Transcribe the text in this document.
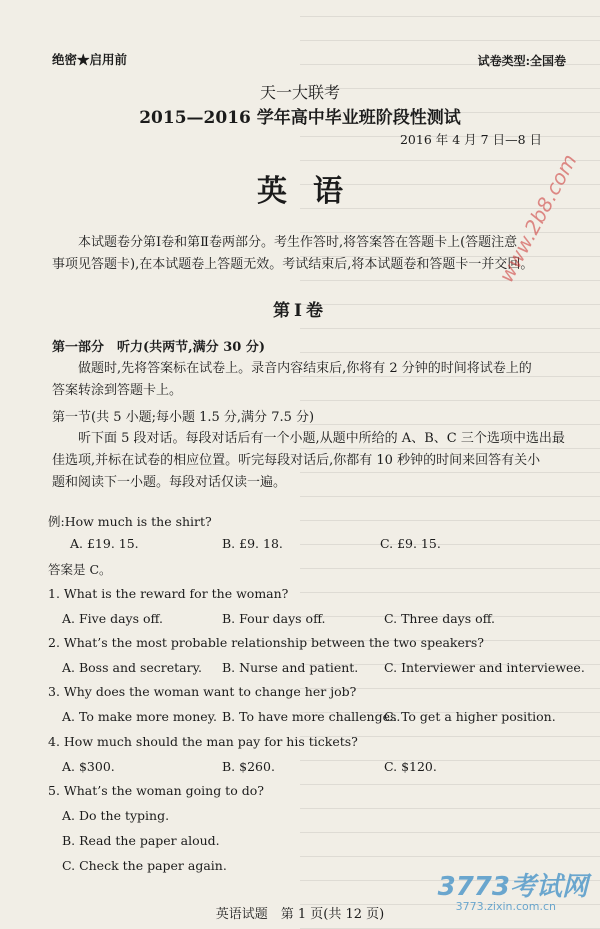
绝密★启用前	试卷类型:全国卷
天一大联考
2015—2016 学年高中毕业班阶段性测试
2016 年 4 月 7 日—8 日
英语
本试题卷分第Ⅰ卷和第Ⅱ卷两部分。考生作答时,将答案答在答题卡上(答题注意
事项见答题卡),在本试题卷上答题无效。考试结束后,将本试题卷和答题卡一并交回。
第Ⅰ卷
第一部分　听力(共两节,满分 30 分)
做题时,先将答案标在试卷上。录音内容结束后,你将有 2 分钟的时间将试卷上的
答案转涂到答题卡上。
第一节(共 5 小题;每小题 1.5 分,满分 7.5 分)
听下面 5 段对话。每段对话后有一个小题,从题中所给的 A、B、C 三个选项中选出最
佳选项,并标在试卷的相应位置。听完每段对话后,你都有 10 秒钟的时间来回答有关小
题和阅读下一小题。每段对话仅读一遍。
例:How much is the shirt?
A. £19. 15.	B. £9. 18.	C. £9. 15.
答案是 C。
1. What is the reward for the woman?
A. Five days off.	B. Four days off.	C. Three days off.
2. What’s the most probable relationship between the two speakers?
A. Boss and secretary. B. Nurse and patient. C. Interviewer and interviewee.
3. Why does the woman want to change her job?
A. To make more money. B. To have more challenges.
C. To get a higher position.
4. How much should the man pay for his tickets?
A. $300.	B. $260.	C. $120.
5. What’s the woman going to do?
A. Do the typing.
B. Read the paper aloud.
C. Check the paper again.
英语试题　第 1 页(共 12 页)
www.2b8.com
3773考试网
3773.zixin.com.cn
